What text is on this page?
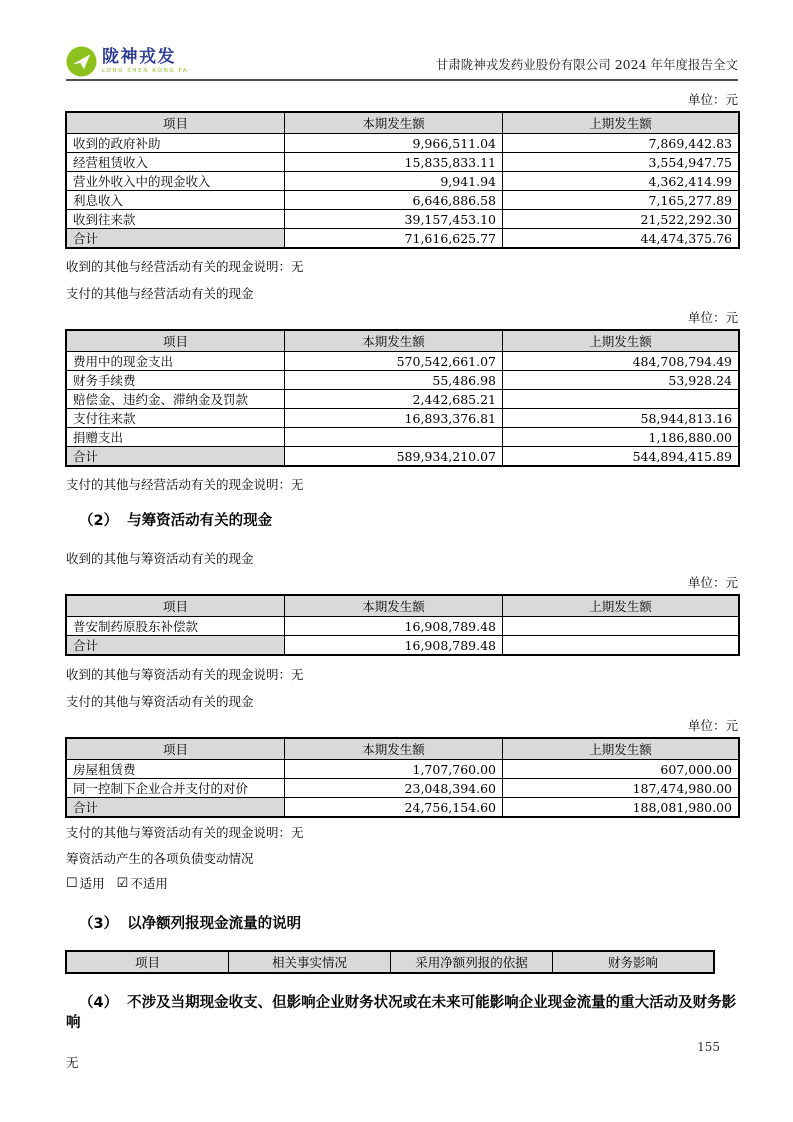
陇神戎发
LONG SHEN RONG FA	甘肃陇神戎发药业股份有限公司 2024 年年度报告全文
单位：元
项目	本期发生额	上期发生额
收到的政府补助	9,966,511.04	7,869,442.83
经营租赁收入	15,835,833.11	3,554,947.75
营业外收入中的现金收入	9,941.94	4,362,414.99
利息收入	6,646,886.58	7,165,277.89
收到往来款	39,157,453.10	21,522,292.30
合计	71,616,625.77	44,474,375.76
收到的其他与经营活动有关的现金说明：无
支付的其他与经营活动有关的现金
单位：元
项目	本期发生额	上期发生额
费用中的现金支出	570,542,661.07	484,708,794.49
财务手续费	55,486.98	53,928.24
赔偿金、违约金、滞纳金及罚款	2,442,685.21	
支付往来款	16,893,376.81	58,944,813.16
捐赠支出		1,186,880.00
合计	589,934,210.07	544,894,415.89
支付的其他与经营活动有关的现金说明：无
（2） 与筹资活动有关的现金
收到的其他与筹资活动有关的现金
单位：元
项目	本期发生额	上期发生额
普安制药原股东补偿款	16,908,789.48	
合计	16,908,789.48	
收到的其他与筹资活动有关的现金说明：无
支付的其他与筹资活动有关的现金
单位：元
项目	本期发生额	上期发生额
房屋租赁费	1,707,760.00	607,000.00
同一控制下企业合并支付的对价	23,048,394.60	187,474,980.00
合计	24,756,154.60	188,081,980.00
支付的其他与筹资活动有关的现金说明：无
筹资活动产生的各项负债变动情况
☐ 适用 ☑ 不适用
（3） 以净额列报现金流量的说明
项目	相关事实情况	采用净额列报的依据	财务影响
（4） 不涉及当期现金收支、但影响企业财务状况或在未来可能影响企业现金流量的重大活动及财务影响
无
155
